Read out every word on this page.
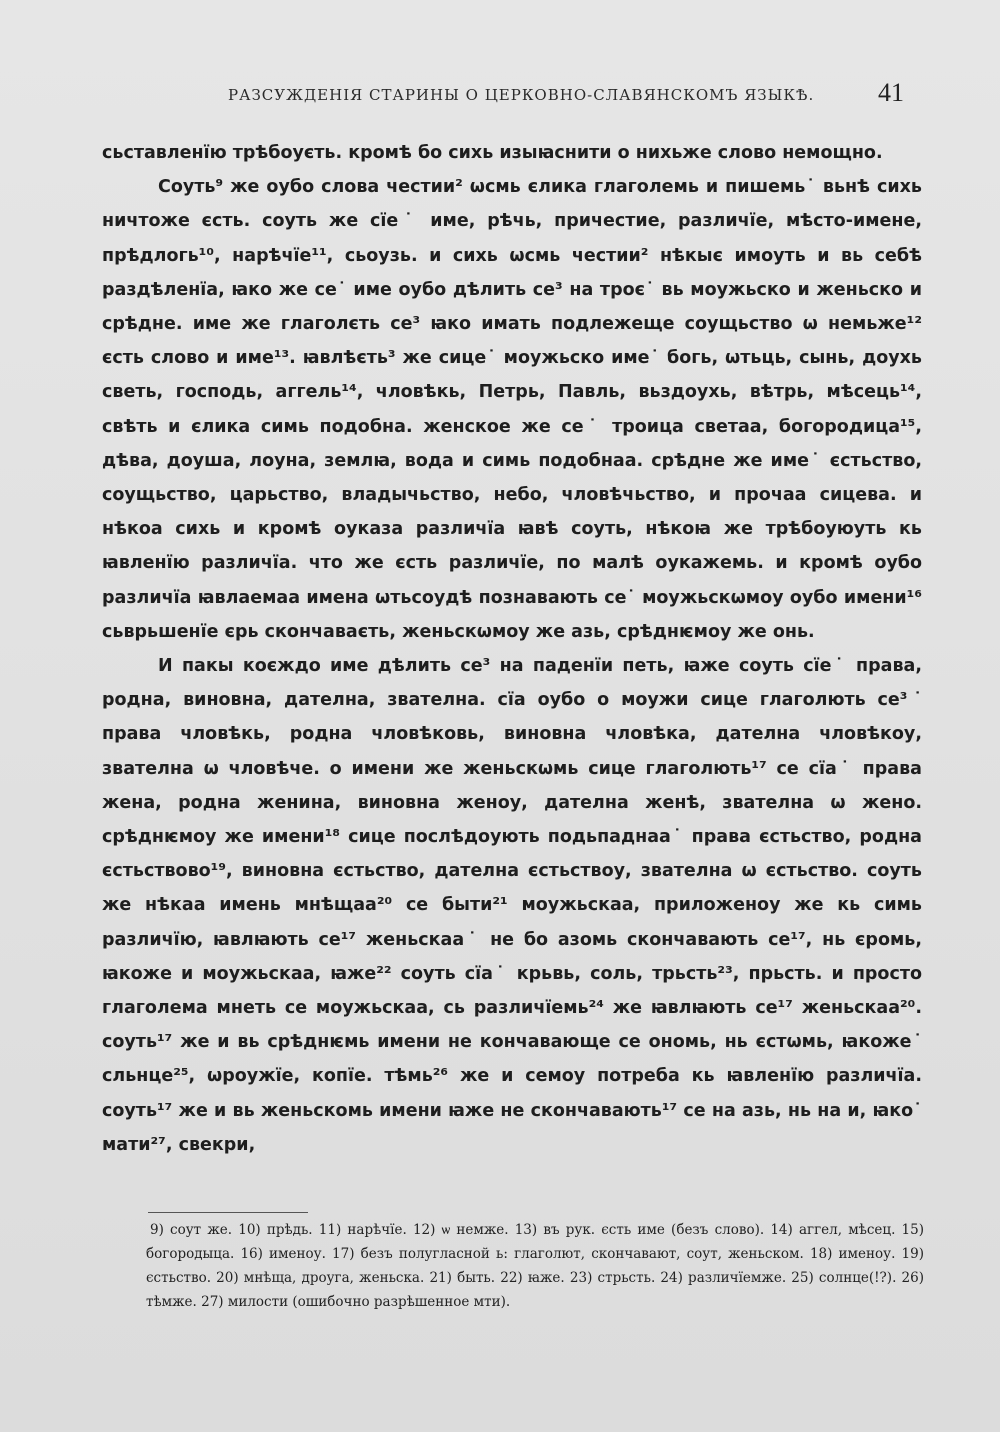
РАЗСУЖДЕНІЯ СТАРИНЫ О ЦЕРКОВНО-СЛАВЯНСКОМЪ ЯЗЫКѢ. 41

сьставленїю трѣбоуєть. кромѣ бо сихь изыꙗснити о нихьже слово немощно.

Соуть⁹ же оубо слова честии² ѡсмь єлика глаголемь и пишемь˙ вьнѣ сихь ничтоже єсть. соуть же сїе˙ име, рѣчь, причестие, различїе, мѣсто-имене, прѣдлогь¹⁰, нарѣчїе¹¹, сьоузь. и сихь ѡсмь честии² нѣкыє имоуть и вь себѣ раздѣленїа, ꙗко же се˙ име оубо дѣлить се³ на троє˙ вь моужьско и женьско и срѣдне. име же глаголєть се³ ꙗко имать подлежеще соущьство ѡ немьже¹² єсть слово и име¹³. ꙗвлѣєть³ же сице˙ моужьско име˙ богь, ѡтьць, сынь, доухь светь, господь, аггель¹⁴, чловѣкь, Петрь, Павль, вьздоухь, вѣтрь, мѣсець¹⁴, свѣть и єлика симь подобна. женское же се˙ троица светаа, богородица¹⁵, дѣва, доуша, лоуна, землꙗ, вода и симь подобнаа. срѣдне же име˙ єстьство, соущьство, царьство, владычьство, небо, чловѣчьство, и прочаа сицева. и нѣкоа сихь и кромѣ оуказа различїа ꙗвѣ соуть, нѣкоꙗ же трѣбоуюуть кь ꙗвленїю различїа. что же єсть различїе, по малѣ оукажемь. и кромѣ оубо различїа ꙗвлаемаа имена ѡтьсоудѣ познавають се˙ моужьскѡмоу оубо имени¹⁶ сьврьшенїе єрь скончаваєть, женьскѡмоу же азь, срѣднѥмоу же онь.

И пакы коєждо име дѣлить се³ на паденїи петь, ꙗже соуть сїе˙ права, родна, виновна, дателна, звателна. сїа оубо о моужи сице глаголють се³˙ права чловѣкь, родна чловѣковь, виновна чловѣка, дателна чловѣкоу, звателна ѡ чловѣче. о имени же женьскѡмь сице глаголють¹⁷ се сїа˙ права жена, родна женина, виновна женоу, дателна женѣ, звателна ѡ жено. срѣднѥмоу же имени¹⁸ сице послѣдоують подьпаднаа˙ права єстьство, родна єстьствово¹⁹, виновна єстьство, дателна єстьствоу, звателна ѡ єстьство. соуть же нѣкаа имень мнѣщаа²⁰ се быти²¹ моужьскаа, приложеноу же кь симь различїю, ꙗвлꙗють се¹⁷ женьскаа˙ не бо азомь скончавають се¹⁷, нь єромь, ꙗкоже и моужьскаа, ꙗже²² соуть сїа˙ крьвь, соль, трьсть²³, прьсть. и просто глаголема мнеть се моужьскаа, сь различїемь²⁴ же ꙗвлꙗють се¹⁷ женьскаа²⁰. соуть¹⁷ же и вь срѣднѥмь имени не кончавающе се ономь, нь єстѡмь, ꙗкоже˙ сльнце²⁵, ѡроужїе, копїе. тѣмь²⁶ же и семоу потреба кь ꙗвленїю различїа. соуть¹⁷ же и вь женьскомь имени ꙗже не скончавають¹⁷ се на азь, нь на и, ꙗко˙ мати²⁷, свекри,

9) соут же. 10) прѣдь. 11) нарѣчїе. 12) ѡ немже. 13) въ рук. єсть име (безъ слово). 14) аггел, мѣсец. 15) богородыца. 16) именоу. 17) безъ полугласной ь: глаголют, скончавают, соут, женьском. 18) именоу. 19) єстьство. 20) мнѣща, дроуга, женьска. 21) быть. 22) ꙗже. 23) стрьсть. 24) различїемже. 25) солнце(!?). 26) тѣмже. 27) милости (ошибочно разрѣшенное мти).
